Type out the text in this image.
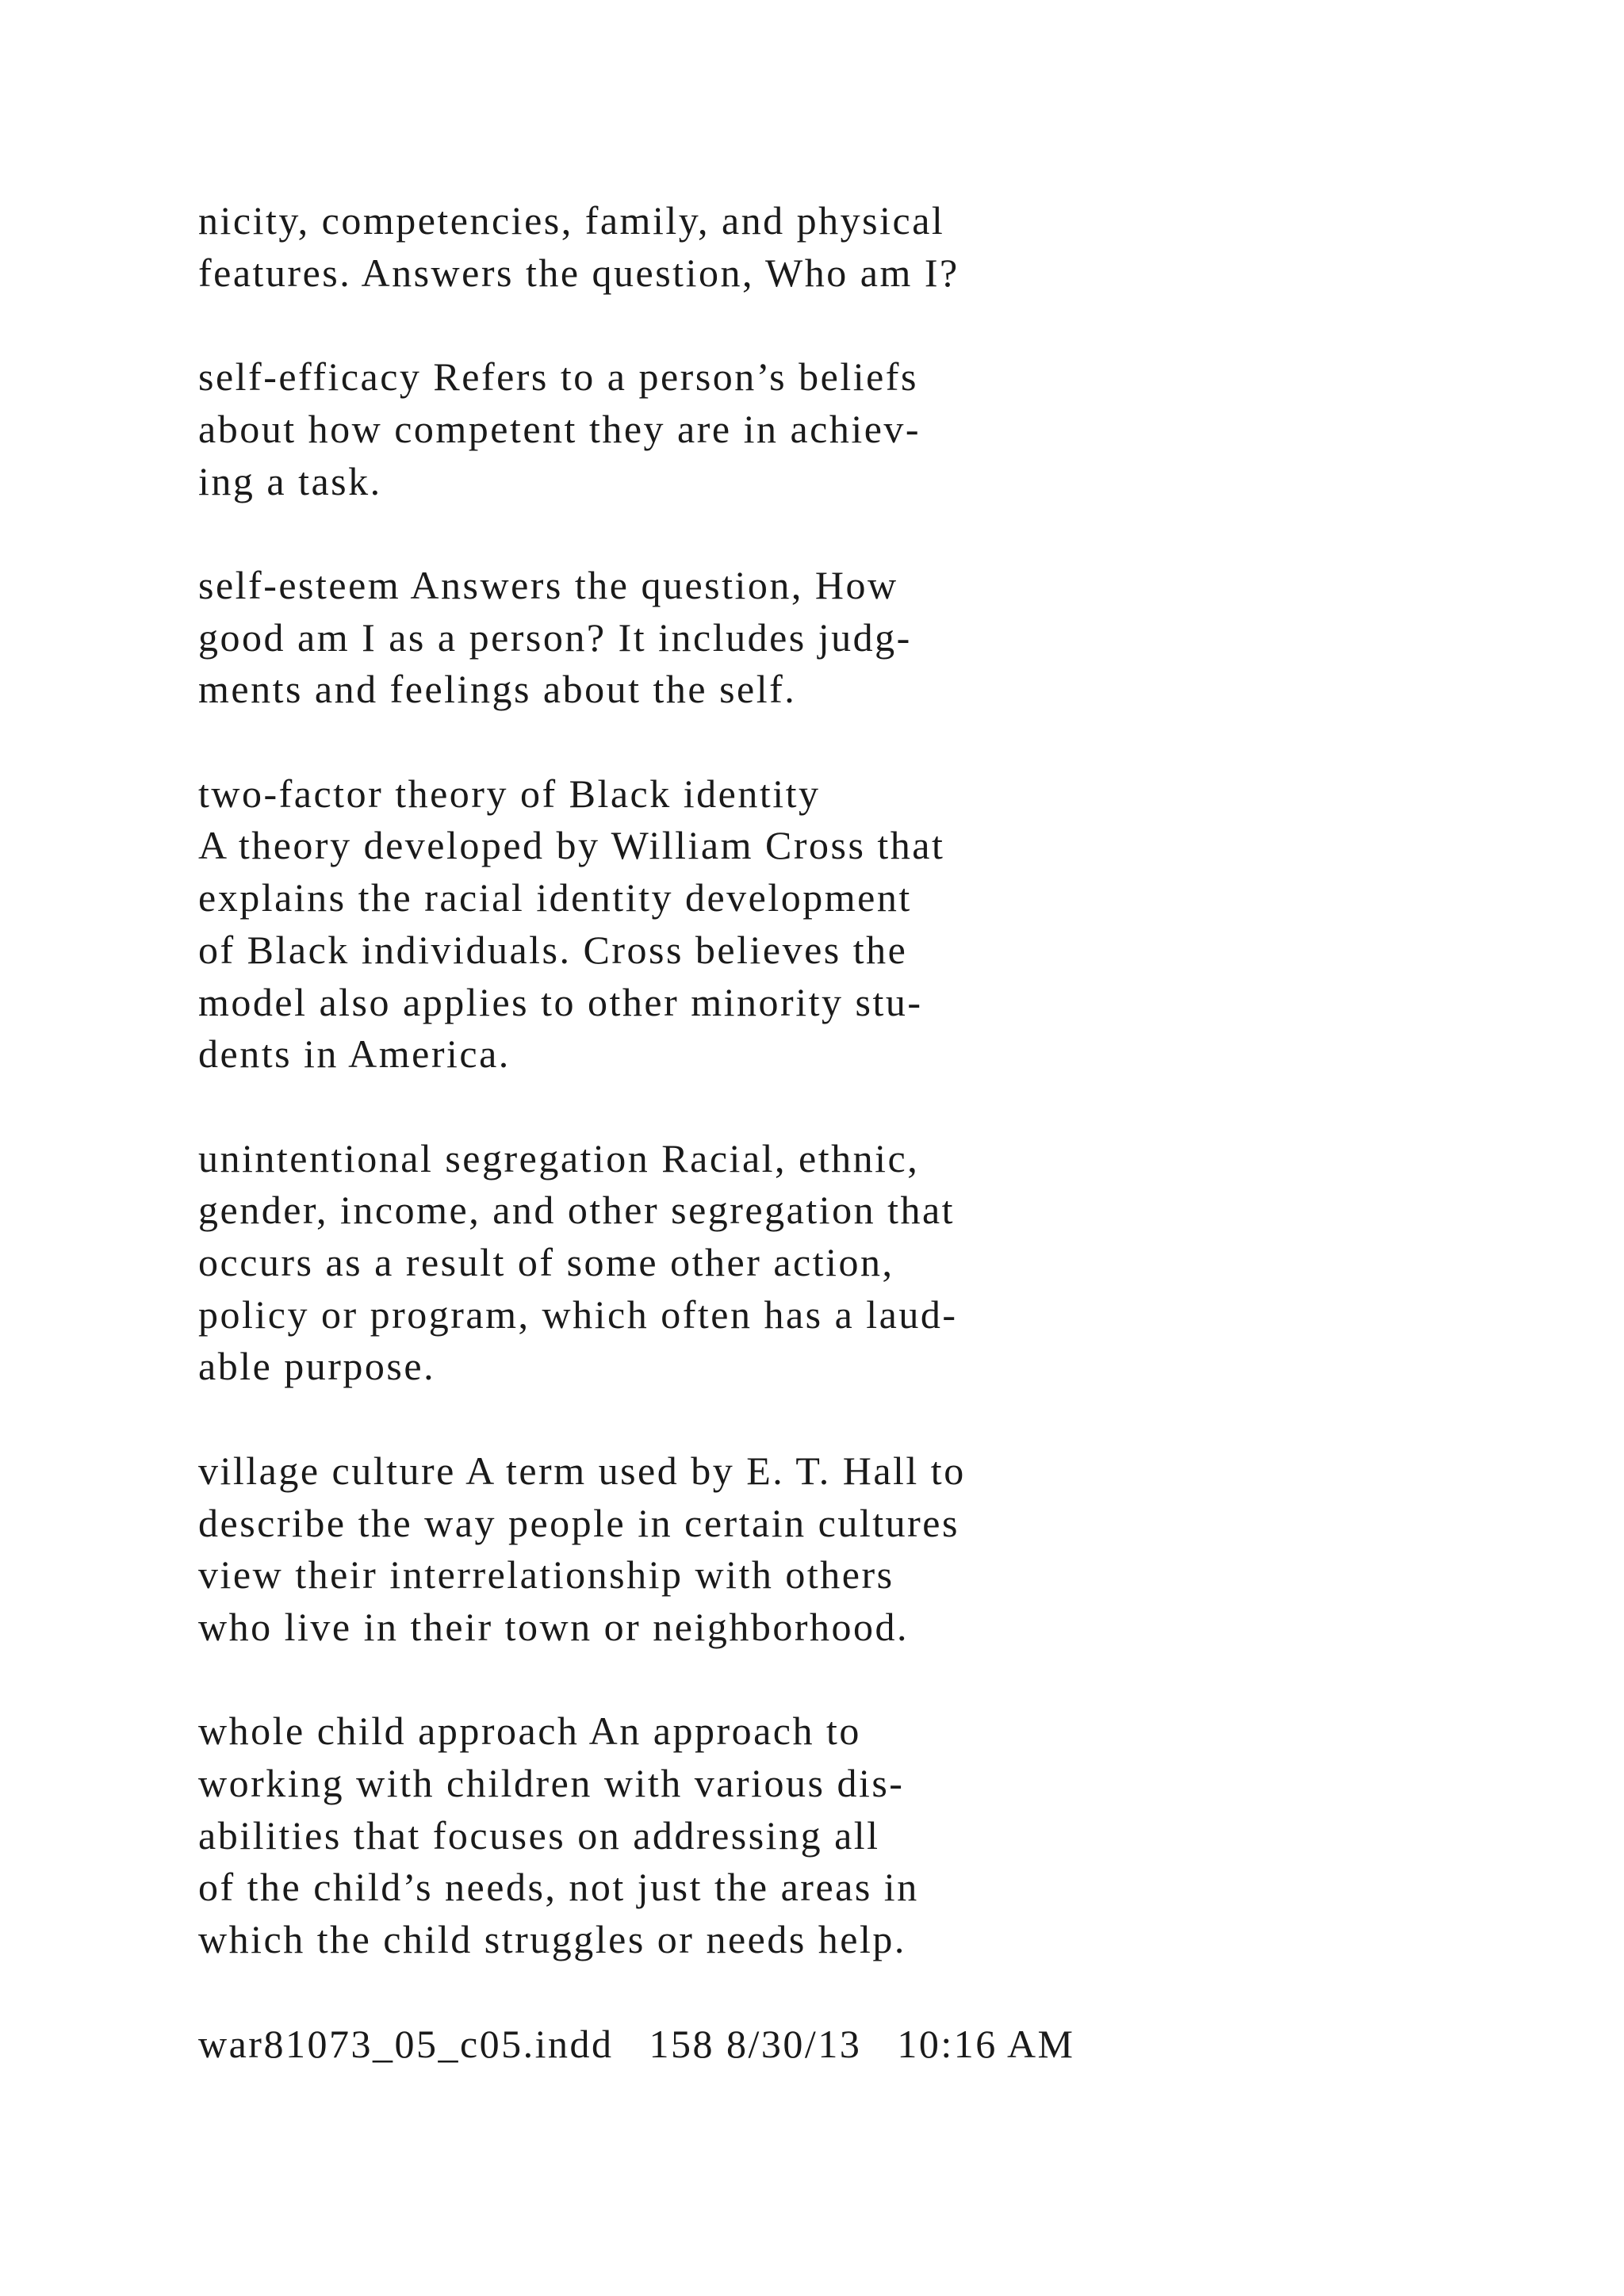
nicity, competencies, family, and physical
features. Answers the question, Who am I?
self-efficacy Refers to a person’s beliefs
about how competent they are in achiev-
ing a task.
self-esteem Answers the question, How
good am I as a person? It includes judg-
ments and feelings about the self.
two-factor theory of Black identity
A theory developed by William Cross that
explains the racial identity development
of Black individuals. Cross believes the
model also applies to other minority stu-
dents in America.
unintentional segregation Racial, ethnic,
gender, income, and other segregation that
occurs as a result of some other action,
policy or program, which often has a laud-
able purpose.
village culture A term used by E. T. Hall to
describe the way people in certain cultures
view their interrelationship with others
who live in their town or neighborhood.
whole child approach An approach to
working with children with various dis-
abilities that focuses on addressing all
of the child’s needs, not just the areas in
which the child struggles or needs help.
war81073_05_c05.indd   158 8/30/13   10:16 AM
